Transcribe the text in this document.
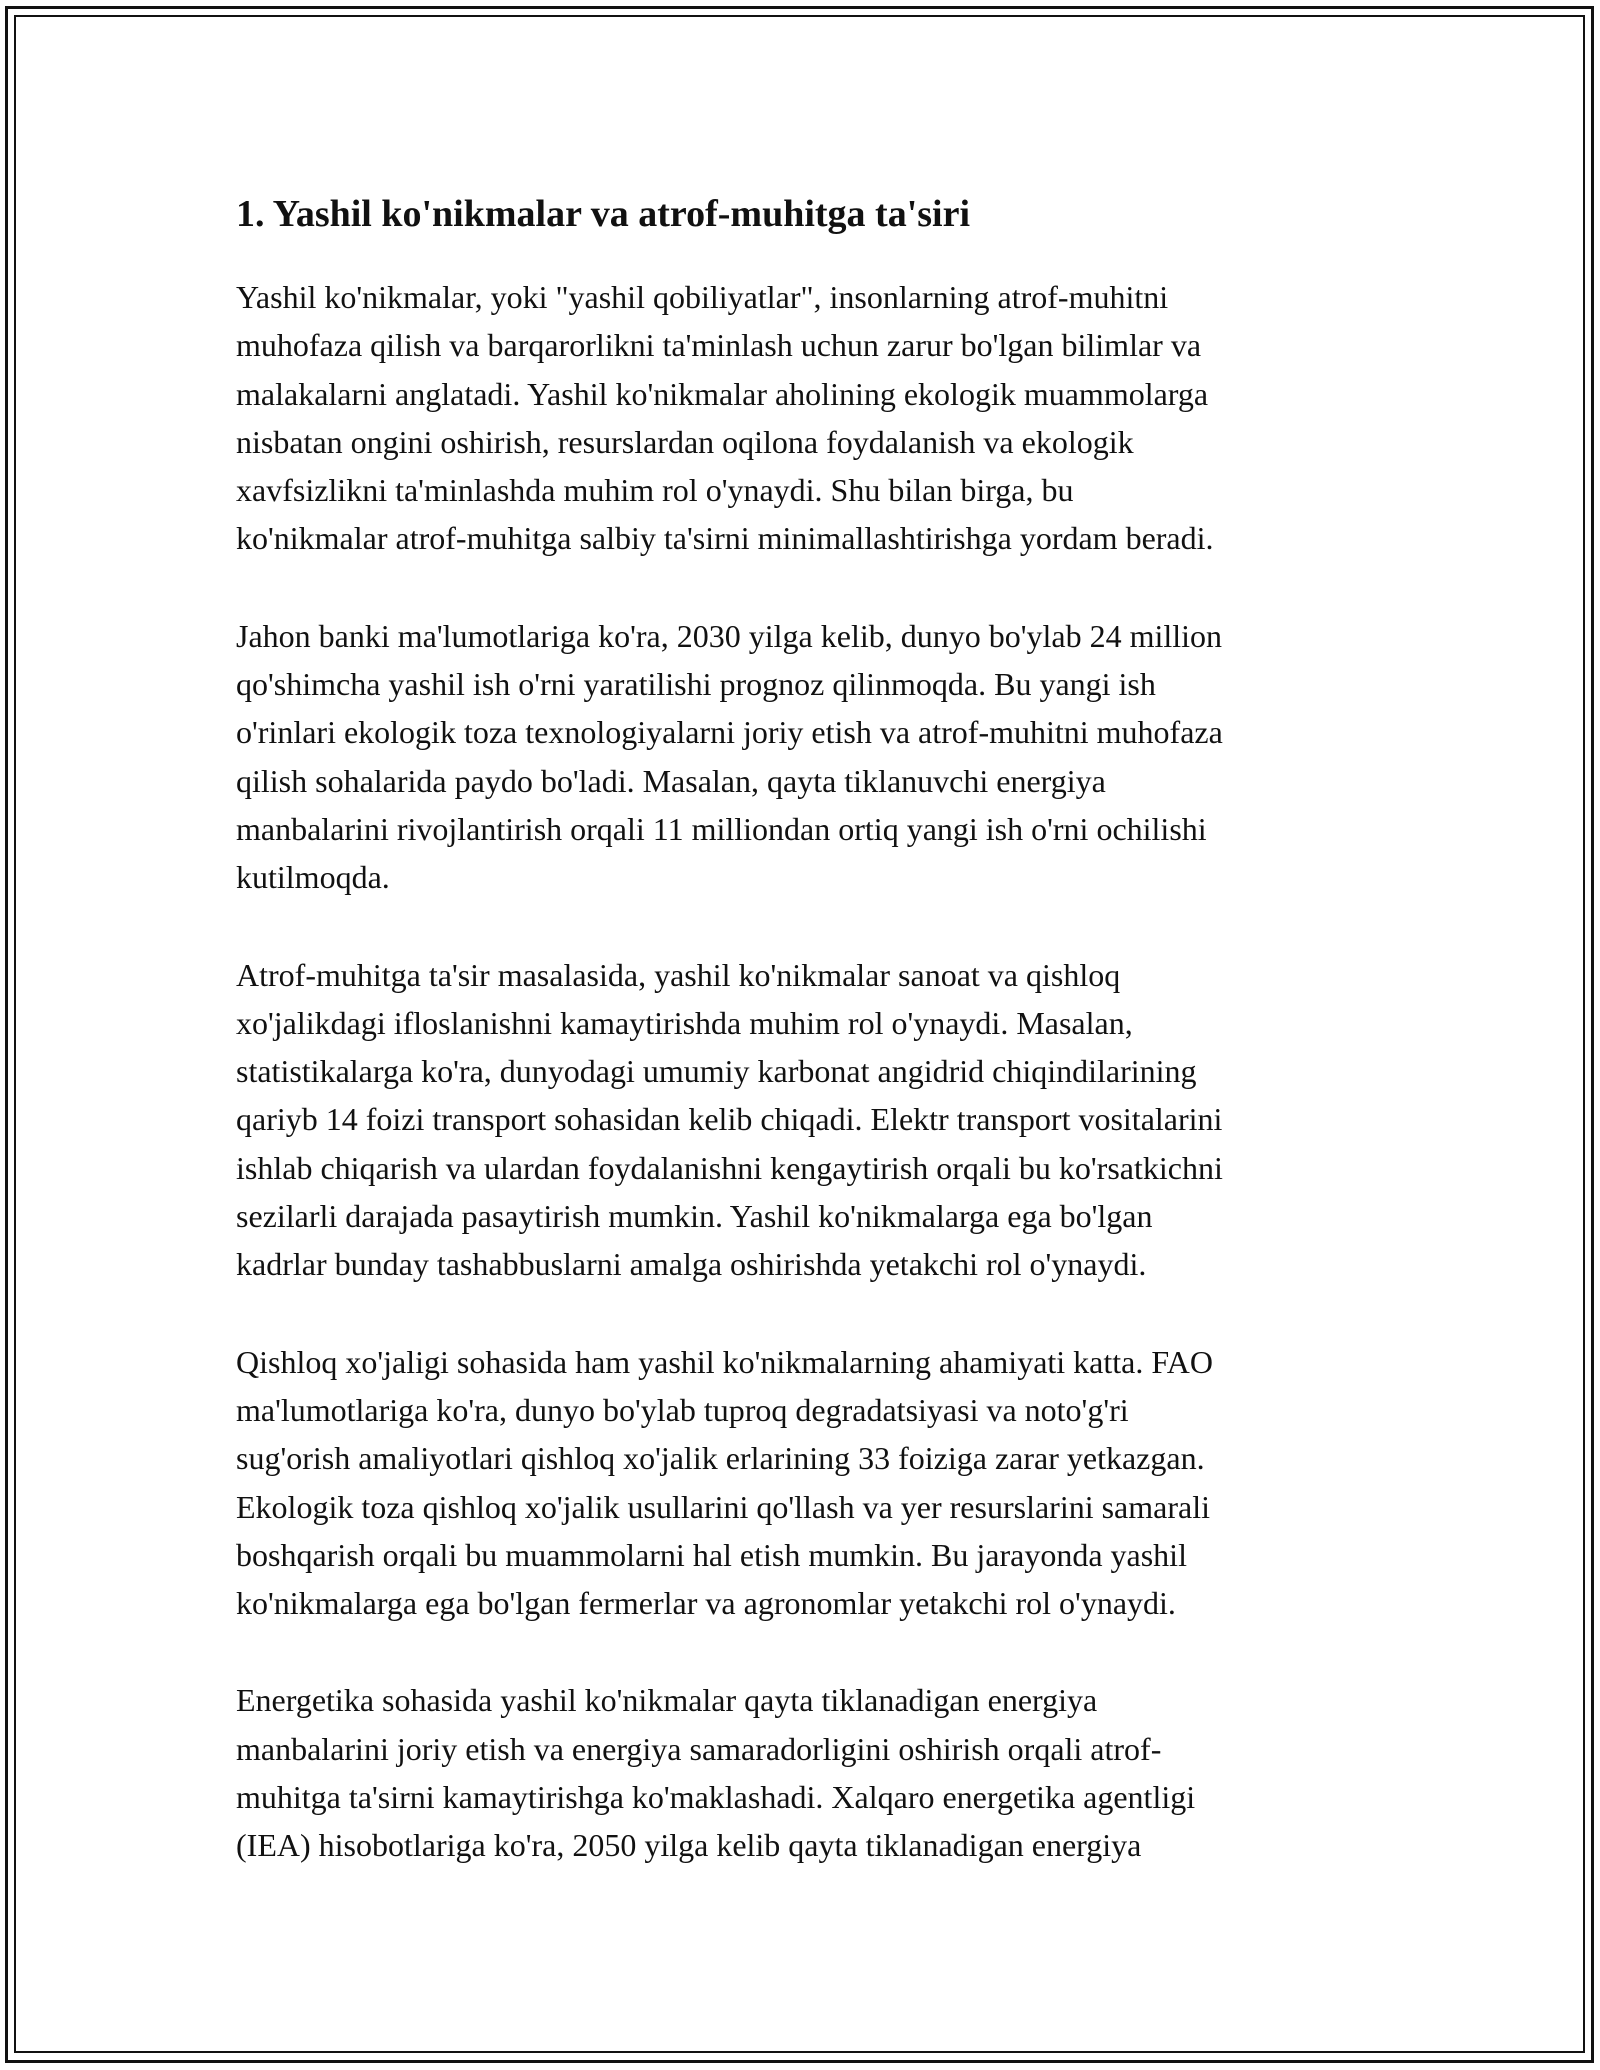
1. Yashil ko'nikmalar va atrof-muhitga ta'siri

Yashil ko'nikmalar, yoki "yashil qobiliyatlar", insonlarning atrof-muhitni
muhofaza qilish va barqarorlikni ta'minlash uchun zarur bo'lgan bilimlar va
malakalarni anglatadi. Yashil ko'nikmalar aholining ekologik muammolarga
nisbatan ongini oshirish, resurslardan oqilona foydalanish va ekologik
xavfsizlikni ta'minlashda muhim rol o'ynaydi. Shu bilan birga, bu
ko'nikmalar atrof-muhitga salbiy ta'sirni minimallashtirishga yordam beradi.

Jahon banki ma'lumotlariga ko'ra, 2030 yilga kelib, dunyo bo'ylab 24 million
qo'shimcha yashil ish o'rni yaratilishi prognoz qilinmoqda. Bu yangi ish
o'rinlari ekologik toza texnologiyalarni joriy etish va atrof-muhitni muhofaza
qilish sohalarida paydo bo'ladi. Masalan, qayta tiklanuvchi energiya
manbalarini rivojlantirish orqali 11 milliondan ortiq yangi ish o'rni ochilishi
kutilmoqda.

Atrof-muhitga ta'sir masalasida, yashil ko'nikmalar sanoat va qishloq
xo'jalikdagi ifloslanishni kamaytirishda muhim rol o'ynaydi. Masalan,
statistikalarga ko'ra, dunyodagi umumiy karbonat angidrid chiqindilarining
qariyb 14 foizi transport sohasidan kelib chiqadi. Elektr transport vositalarini
ishlab chiqarish va ulardan foydalanishni kengaytirish orqali bu ko'rsatkichni
sezilarli darajada pasaytirish mumkin. Yashil ko'nikmalarga ega bo'lgan
kadrlar bunday tashabbuslarni amalga oshirishda yetakchi rol o'ynaydi.

Qishloq xo'jaligi sohasida ham yashil ko'nikmalarning ahamiyati katta. FAO
ma'lumotlariga ko'ra, dunyo bo'ylab tuproq degradatsiyasi va noto'g'ri
sug'orish amaliyotlari qishloq xo'jalik erlarining 33 foiziga zarar yetkazgan.
Ekologik toza qishloq xo'jalik usullarini qo'llash va yer resurslarini samarali
boshqarish orqali bu muammolarni hal etish mumkin. Bu jarayonda yashil
ko'nikmalarga ega bo'lgan fermerlar va agronomlar yetakchi rol o'ynaydi.

Energetika sohasida yashil ko'nikmalar qayta tiklanadigan energiya
manbalarini joriy etish va energiya samaradorligini oshirish orqali atrof-
muhitga ta'sirni kamaytirishga ko'maklashadi. Xalqaro energetika agentligi
(IEA) hisobotlariga ko'ra, 2050 yilga kelib qayta tiklanadigan energiya
